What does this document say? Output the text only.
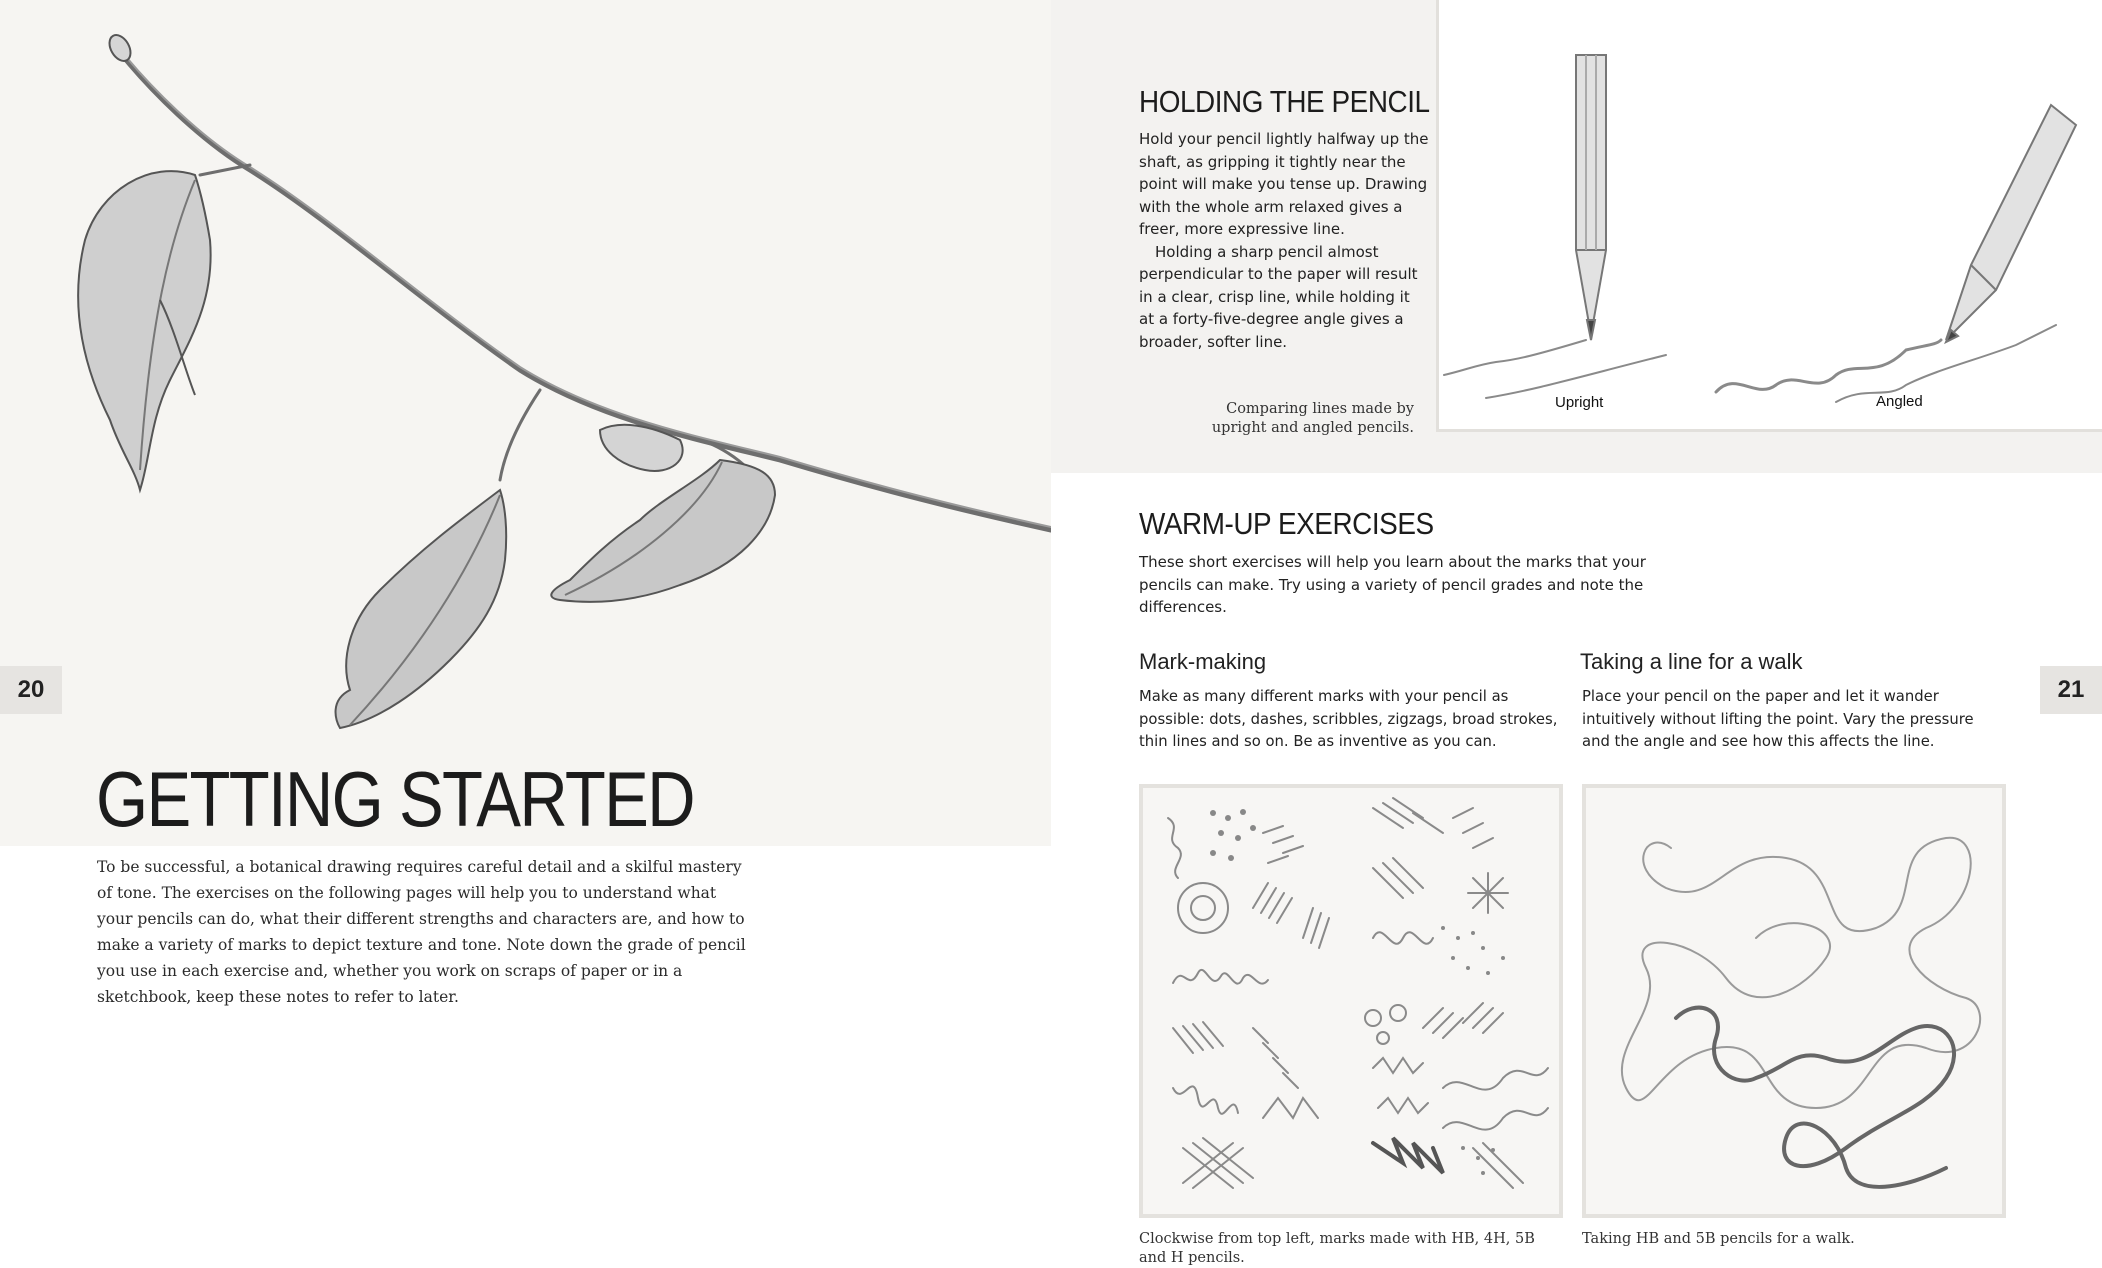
20
GETTING STARTED
To be successful, a botanical drawing requires careful detail and a skilful mastery of tone. The exercises on the following pages will help you to understand what your pencils can do, what their different strengths and characters are, and how to make a variety of marks to depict texture and tone. Note down the grade of pencil you use in each exercise and, whether you work on scraps of paper or in a sketchbook, keep these notes to refer to later.
HOLDING THE PENCIL

Hold your pencil lightly halfway up the shaft, as gripping it tightly near the point will make you tense up. Drawing with the whole arm relaxed gives a freer, more expressive line.

Holding a sharp pencil almost perpendicular to the paper will result in a clear, crisp line, while holding it at a forty-five-degree angle gives a broader, softer line.

Comparing lines made by upright and angled pencils.
Upright	Angled
WARM-UP EXERCISES
These short exercises will help you learn about the marks that your pencils can make. Try using a variety of pencil grades and note the differences.
Mark-making	Taking a line for a walk
Make as many different marks with your pencil as possible: dots, dashes, scribbles, zigzags, broad strokes, thin lines and so on. Be as inventive as you can.
Place your pencil on the paper and let it wander intuitively without lifting the point. Vary the pressure and the angle and see how this affects the line.
Clockwise from top left, marks made with HB, 4H, 5B and H pencils.
Taking HB and 5B pencils for a walk.
21
